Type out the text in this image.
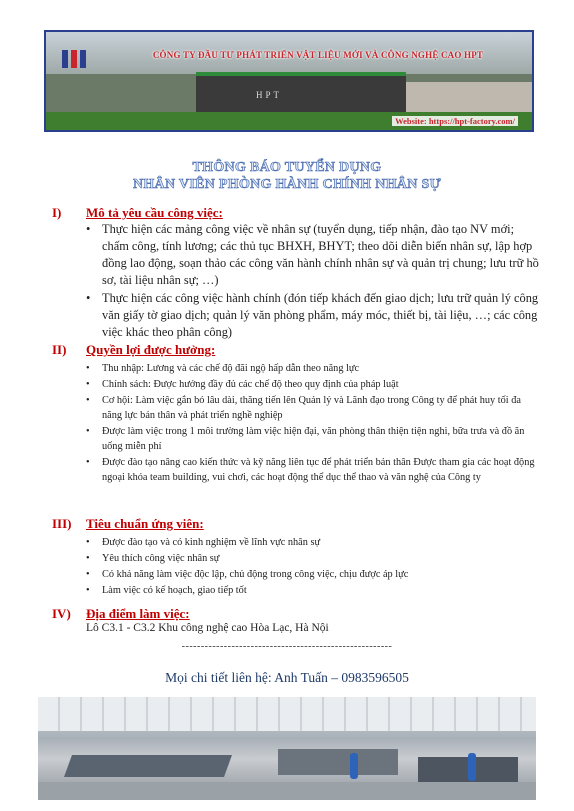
HPT
CÔNG TY ĐẦU TƯ PHÁT TRIỂN VẬT LIỆU MỚI VÀ CÔNG NGHỆ CAO HPT
Website: https://hpt-factory.com/
THÔNG BÁO TUYỂN DỤNG
NHÂN VIÊN PHÒNG HÀNH CHÍNH NHÂN SỰ
I)	Mô tả yêu cầu công việc:
• Thực hiện các mảng công việc về nhân sự (tuyển dụng, tiếp nhận, đào tạo NV mới; chấm công, tính lương; các thủ tục BHXH, BHYT; theo dõi diễn biến nhân sự, lập hợp đồng lao động, soạn thảo các công văn hành chính nhân sự và quản trị chung; lưu trữ hồ sơ, tài liệu nhân sự; …)
• Thực hiện các công việc hành chính (đón tiếp khách đến giao dịch; lưu trữ quản lý công văn giấy tờ giao dịch; quản lý văn phòng phẩm, máy móc, thiết bị, tài liệu, …; các công việc khác theo phân công)
II)	Quyền lợi được hưởng:
• Thu nhập: Lương và các chế độ đãi ngộ hấp dẫn theo năng lực
• Chính sách: Được hưởng đầy đủ các chế độ theo quy định của pháp luật
• Cơ hội: Làm việc gắn bó lâu dài, thăng tiến lên Quản lý và Lãnh đạo trong Công ty để phát huy tối đa năng lực bản thân và phát triển nghề nghiệp
• Được làm việc trong 1 môi trường làm việc hiện đại, văn phòng thân thiện tiện nghi, bữa trưa và đồ ăn uống miễn phí
• Được đào tạo nâng cao kiến thức và kỹ năng liên tục để phát triển bản thân Được tham gia các hoạt động ngoại khóa team building, vui chơi, các hoạt động thể dục thể thao và văn nghệ của Công ty
III)	Tiêu chuẩn ứng viên:
• Được đào tạo và có kinh nghiệm về lĩnh vực nhân sự
• Yêu thích công việc nhân sự
• Có khả năng làm việc độc lập, chủ động trong công việc, chịu được áp lực
• Làm việc có kế hoạch, giao tiếp tốt
IV)	Địa điểm làm việc:
Lô C3.1 - C3.2 Khu công nghệ cao Hòa Lạc, Hà Nội
-------------------------------------------------------
Mọi chi tiết liên hệ: Anh Tuấn – 0983596505
